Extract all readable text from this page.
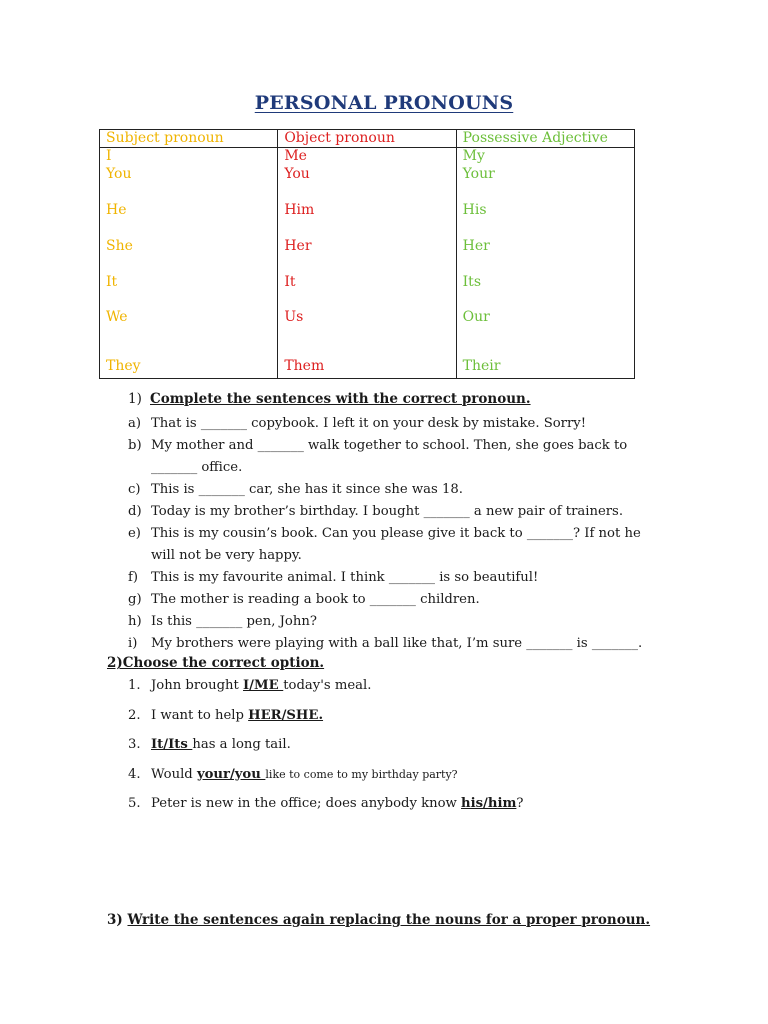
PERSONAL PRONOUNS
Subject pronoun	Object pronoun	Possessive Adjective
I	Me	My
You	You	Your
He	Him	His
She	Her	Her
It	It	Its
We	Us	Our
They	Them	Their
1) Complete the sentences with the correct pronoun.
a) That is _______ copybook. I left it on your desk by mistake. Sorry!
b) My mother and _______ walk together to school. Then, she goes back to _______ office.
c) This is _______ car, she has it since she was 18.
d) Today is my brother’s birthday. I bought _______ a new pair of trainers.
e) This is my cousin’s book. Can you please give it back to _______? If not he will not be very happy.
f) This is my favourite animal. I think _______ is so beautiful!
g) The mother is reading a book to _______ children.
h) Is this _______ pen, John?
i) My brothers were playing with a ball like that, I’m sure _______ is _______.
2)Choose the correct option.
1. John brought I/ME today's meal.
2. I want to help HER/SHE.
3. It/Its has a long tail.
4. Would your/you like to come to my birthday party?
5. Peter is new in the office; does anybody know his/him?
3) Write the sentences again replacing the nouns for a proper pronoun.
